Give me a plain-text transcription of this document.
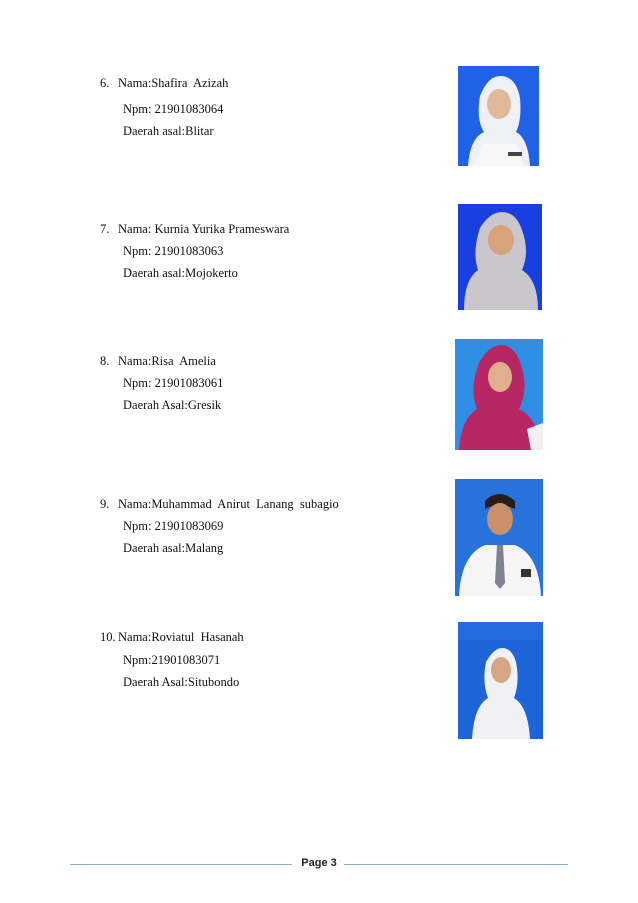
6. Nama:Shafira  Azizah
Npm: 21901083064
Daerah asal:Blitar
7. Nama: Kurnia Yurika Prameswara
Npm: 21901083063
Daerah asal:Mojokerto
8. Nama:Risa  Amelia
Npm: 21901083061
Daerah Asal:Gresik
9. Nama:Muhammad  Anirut  Lanang  subagio
Npm: 21901083069
Daerah asal:Malang
10. Nama:Roviatul  Hasanah
Npm:21901083071
Daerah Asal:Situbondo
Page 3
